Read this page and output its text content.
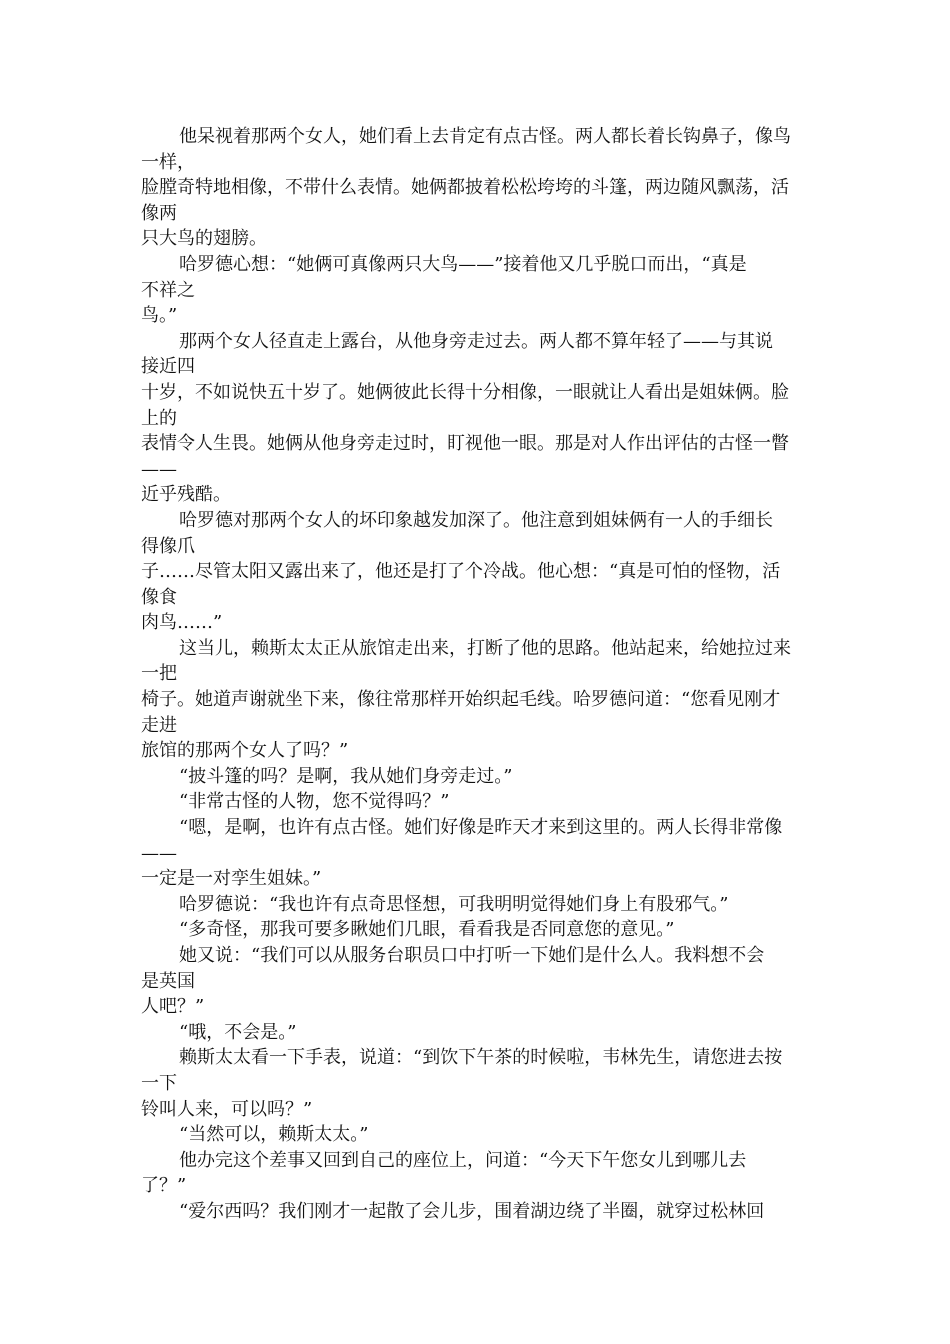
他呆视着那两个女人，她们看上去肯定有点古怪。两人都长着长钩鼻子，像鸟
一样，
脸膛奇特地相像，不带什么表情。她俩都披着松松垮垮的斗篷，两边随风飘荡，活
像两
只大鸟的翅膀。
哈罗德心想：“她俩可真像两只大鸟——”接着他又几乎脱口而出，“真是
不祥之
鸟。”
那两个女人径直走上露台，从他身旁走过去。两人都不算年轻了——与其说
接近四
十岁，不如说快五十岁了。她俩彼此长得十分相像，一眼就让人看出是姐妹俩。脸
上的
表情令人生畏。她俩从他身旁走过时，盯视他一眼。那是对人作出评估的古怪一瞥
——
近乎残酷。
哈罗德对那两个女人的坏印象越发加深了。他注意到姐妹俩有一人的手细长
得像爪
子……尽管太阳又露出来了，他还是打了个冷战。他心想：“真是可怕的怪物，活
像食
肉鸟……”
这当儿，赖斯太太正从旅馆走出来，打断了他的思路。他站起来，给她拉过来
一把
椅子。她道声谢就坐下来，像往常那样开始织起毛线。哈罗德问道：“您看见刚才
走进
旅馆的那两个女人了吗？”
“披斗篷的吗？是啊，我从她们身旁走过。”
“非常古怪的人物，您不觉得吗？”
“嗯，是啊，也许有点古怪。她们好像是昨天才来到这里的。两人长得非常像
——
一定是一对孪生姐妹。”
哈罗德说：“我也许有点奇思怪想，可我明明觉得她们身上有股邪气。”
“多奇怪，那我可要多瞅她们几眼，看看我是否同意您的意见。”
她又说：“我们可以从服务台职员口中打听一下她们是什么人。我料想不会
是英国
人吧？”
“哦，不会是。”
赖斯太太看一下手表，说道：“到饮下午茶的时候啦，韦林先生，请您进去按
一下
铃叫人来，可以吗？”
“当然可以，赖斯太太。”
他办完这个差事又回到自己的座位上，问道：“今天下午您女儿到哪儿去
了？”
“爱尔西吗？我们刚才一起散了会儿步，围着湖边绕了半圈，就穿过松林回
